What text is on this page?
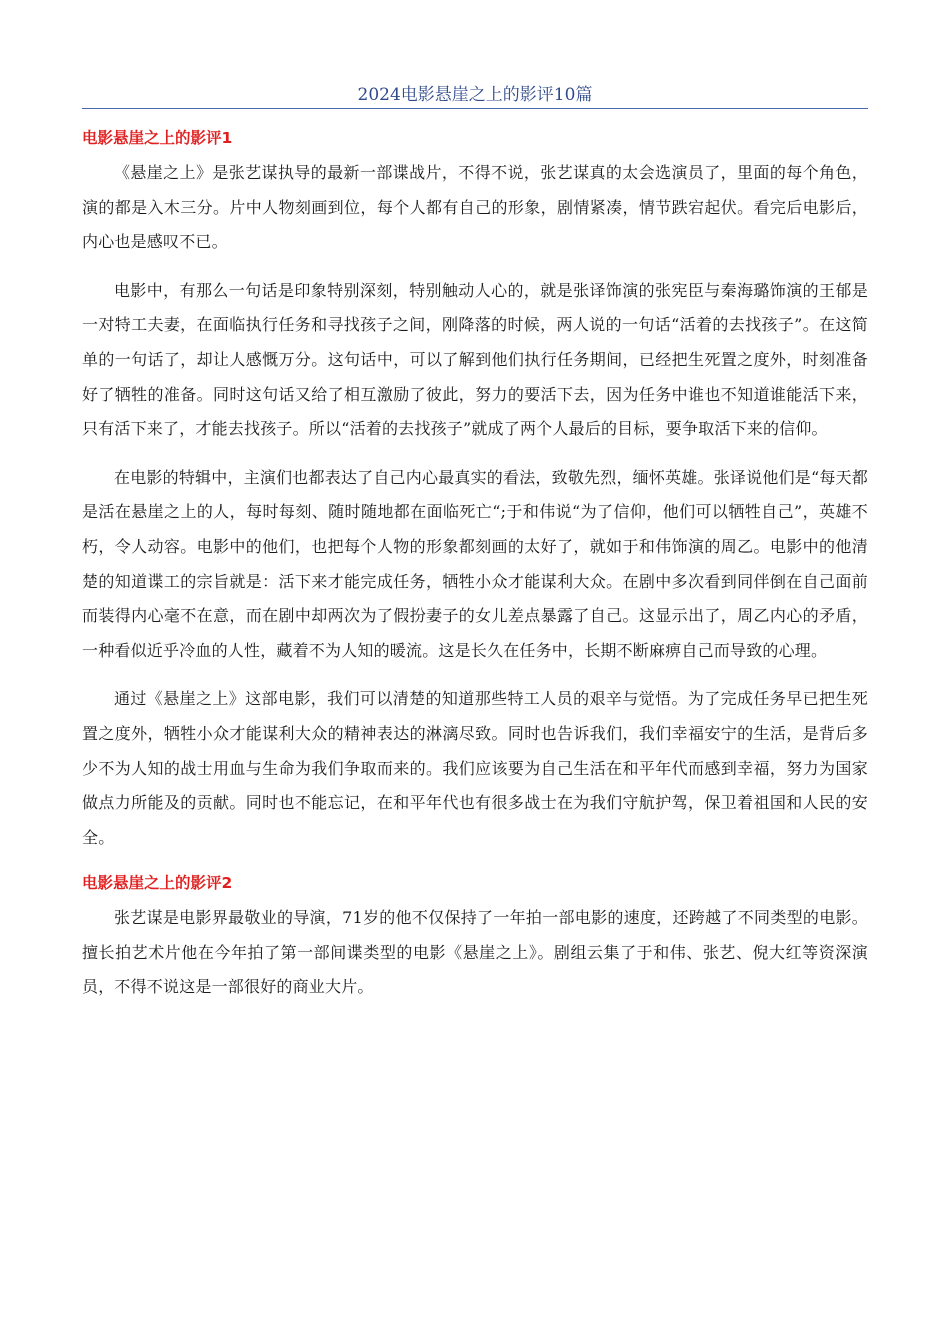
2024电影悬崖之上的影评10篇
电影悬崖之上的影评1

《悬崖之上》是张艺谋执导的最新一部谍战片，不得不说，张艺谋真的太会选演员了，里面的每个角色，演的都是入木三分。片中人物刻画到位，每个人都有自己的形象，剧情紧凑，情节跌宕起伏。看完后电影后，内心也是感叹不已。

电影中，有那么一句话是印象特别深刻，特别触动人心的，就是张译饰演的张宪臣与秦海璐饰演的王郁是一对特工夫妻，在面临执行任务和寻找孩子之间，刚降落的时候，两人说的一句话“活着的去找孩子”。在这简单的一句话了，却让人感慨万分。这句话中，可以了解到他们执行任务期间，已经把生死置之度外，时刻准备好了牺牲的准备。同时这句话又给了相互激励了彼此，努力的要活下去，因为任务中谁也不知道谁能活下来，只有活下来了，才能去找孩子。所以“活着的去找孩子”就成了两个人最后的目标，要争取活下来的信仰。

在电影的特辑中，主演们也都表达了自己内心最真实的看法，致敬先烈，缅怀英雄。张译说他们是“每天都是活在悬崖之上的人，每时每刻、随时随地都在面临死亡“;于和伟说“为了信仰，他们可以牺牲自己”，英雄不朽，令人动容。电影中的他们，也把每个人物的形象都刻画的太好了，就如于和伟饰演的周乙。电影中的他清楚的知道谍工的宗旨就是：活下来才能完成任务，牺牲小众才能谋利大众。在剧中多次看到同伴倒在自己面前而装得内心毫不在意，而在剧中却两次为了假扮妻子的女儿差点暴露了自己。这显示出了，周乙内心的矛盾，一种看似近乎冷血的人性，藏着不为人知的暖流。这是长久在任务中，长期不断麻痹自己而导致的心理。

通过《悬崖之上》这部电影，我们可以清楚的知道那些特工人员的艰辛与觉悟。为了完成任务早已把生死置之度外，牺牲小众才能谋利大众的精神表达的淋漓尽致。同时也告诉我们，我们幸福安宁的生活，是背后多少不为人知的战士用血与生命为我们争取而来的。我们应该要为自己生活在和平年代而感到幸福，努力为国家做点力所能及的贡献。同时也不能忘记，在和平年代也有很多战士在为我们守航护驾，保卫着祖国和人民的安全。

电影悬崖之上的影评2

张艺谋是电影界最敬业的导演，71岁的他不仅保持了一年拍一部电影的速度，还跨越了不同类型的电影。擅长拍艺术片他在今年拍了第一部间谍类型的电影《悬崖之上》。剧组云集了于和伟、张艺、倪大红等资深演员，不得不说这是一部很好的商业大片。
